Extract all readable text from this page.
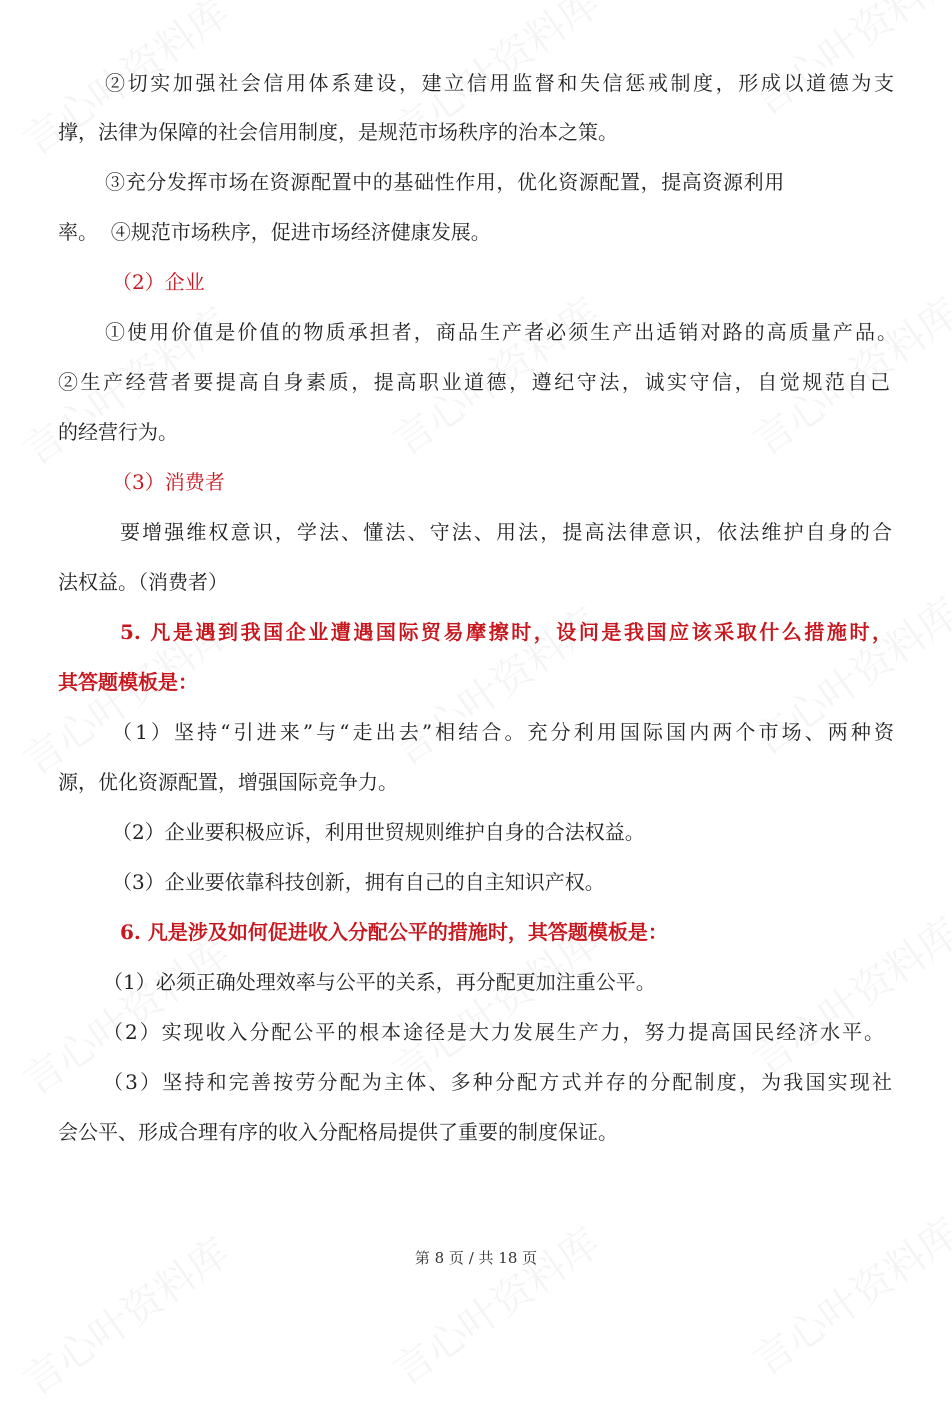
②切实加强社会信用体系建设，建立信用监督和失信惩戒制度，形成以道德为支
撑，法律为保障的社会信用制度，是规范市场秩序的治本之策。
③充分发挥市场在资源配置中的基础性作用，优化资源配置，提高资源利用
率。  ④规范市场秩序，促进市场经济健康发展。
（2）企业
①使用价值是价值的物质承担者，商品生产者必须生产出适销对路的高质量产品。
②生产经营者要提高自身素质，提高职业道德，遵纪守法，诚实守信，自觉规范自己
的经营行为。
（3）消费者
要增强维权意识，学法、懂法、守法、用法，提高法律意识，依法维护自身的合
法权益。（消费者）
5. 凡是遇到我国企业遭遇国际贸易摩擦时，设问是我国应该采取什么措施时，
其答题模板是：
（1）坚持“引进来”与“走出去”相结合。充分利用国际国内两个市场、两种资
源，优化资源配置，增强国际竞争力。
（2）企业要积极应诉，利用世贸规则维护自身的合法权益。
（3）企业要依靠科技创新，拥有自己的自主知识产权。
6. 凡是涉及如何促进收入分配公平的措施时，其答题模板是：
（1）必须正确处理效率与公平的关系，再分配更加注重公平。
（2）实现收入分配公平的根本途径是大力发展生产力，努力提高国民经济水平。
（3）坚持和完善按劳分配为主体、多种分配方式并存的分配制度，为我国实现社
会公平、形成合理有序的收入分配格局提供了重要的制度保证。
第 8 页 / 共 18 页
